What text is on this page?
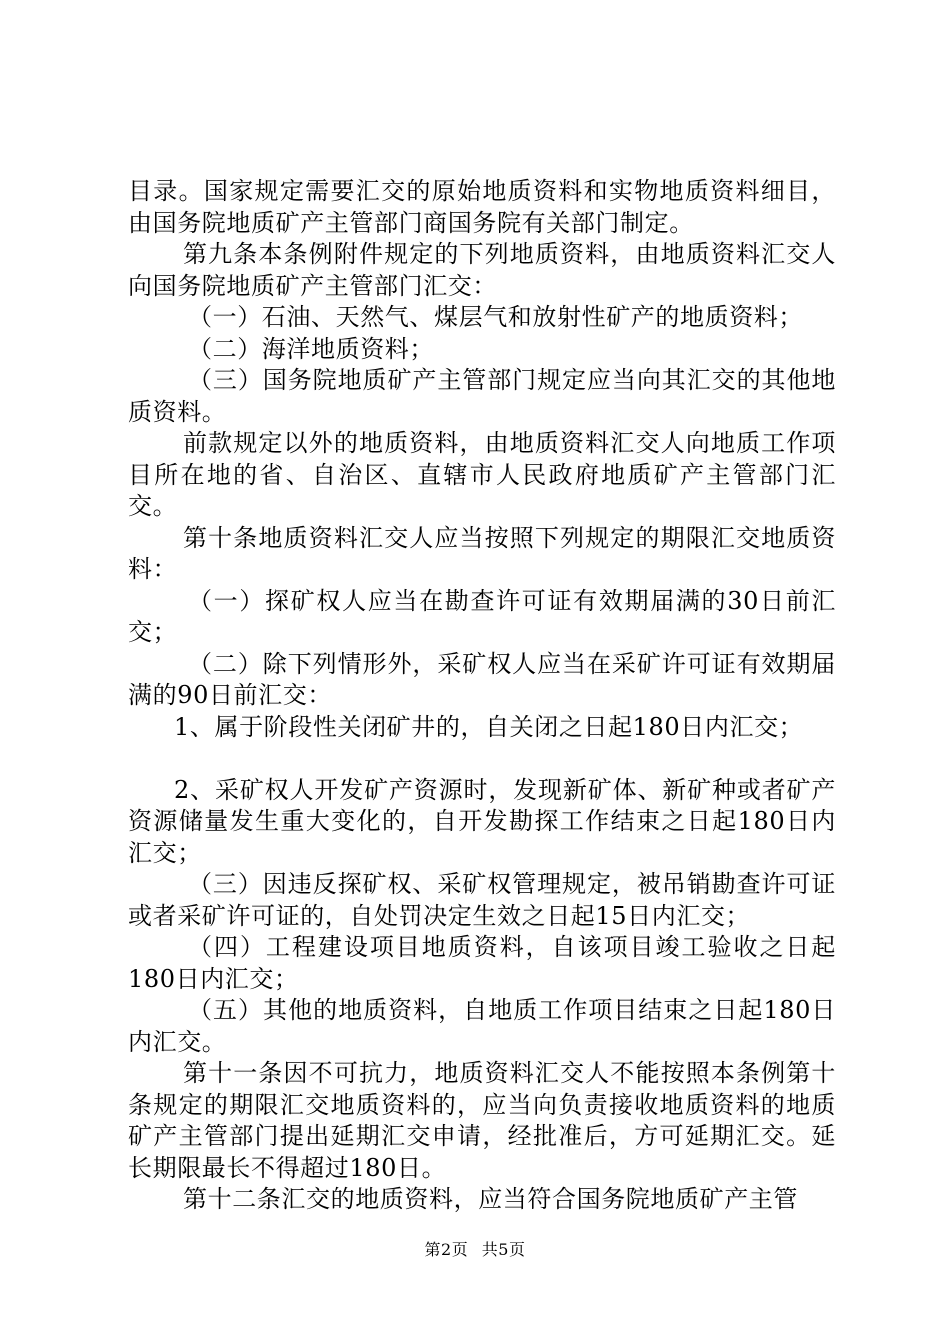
目录。国家规定需要汇交的原始地质资料和实物地质资料细目，由国务院地质矿产主管部门商国务院有关部门制定。

第九条本条例附件规定的下列地质资料，由地质资料汇交人向国务院地质矿产主管部门汇交：

（一）石油、天然气、煤层气和放射性矿产的地质资料；

（二）海洋地质资料；

（三）国务院地质矿产主管部门规定应当向其汇交的其他地质资料。

前款规定以外的地质资料，由地质资料汇交人向地质工作项目所在地的省、自治区、直辖市人民政府地质矿产主管部门汇交。

第十条地质资料汇交人应当按照下列规定的期限汇交地质资料：

（一）探矿权人应当在勘查许可证有效期届满的30日前汇交；

（二）除下列情形外，采矿权人应当在采矿许可证有效期届满的90日前汇交：

1、属于阶段性关闭矿井的，自关闭之日起180日内汇交；

2、采矿权人开发矿产资源时，发现新矿体、新矿种或者矿产资源储量发生重大变化的，自开发勘探工作结束之日起180日内汇交；

（三）因违反探矿权、采矿权管理规定，被吊销勘查许可证或者采矿许可证的，自处罚决定生效之日起15日内汇交；

（四）工程建设项目地质资料，自该项目竣工验收之日起180日内汇交；

（五）其他的地质资料，自地质工作项目结束之日起180日内汇交。

第十一条因不可抗力，地质资料汇交人不能按照本条例第十条规定的期限汇交地质资料的，应当向负责接收地质资料的地质矿产主管部门提出延期汇交申请，经批准后，方可延期汇交。延长期限最长不得超过180日。

第十二条汇交的地质资料，应当符合国务院地质矿产主管

第2页 共5页
